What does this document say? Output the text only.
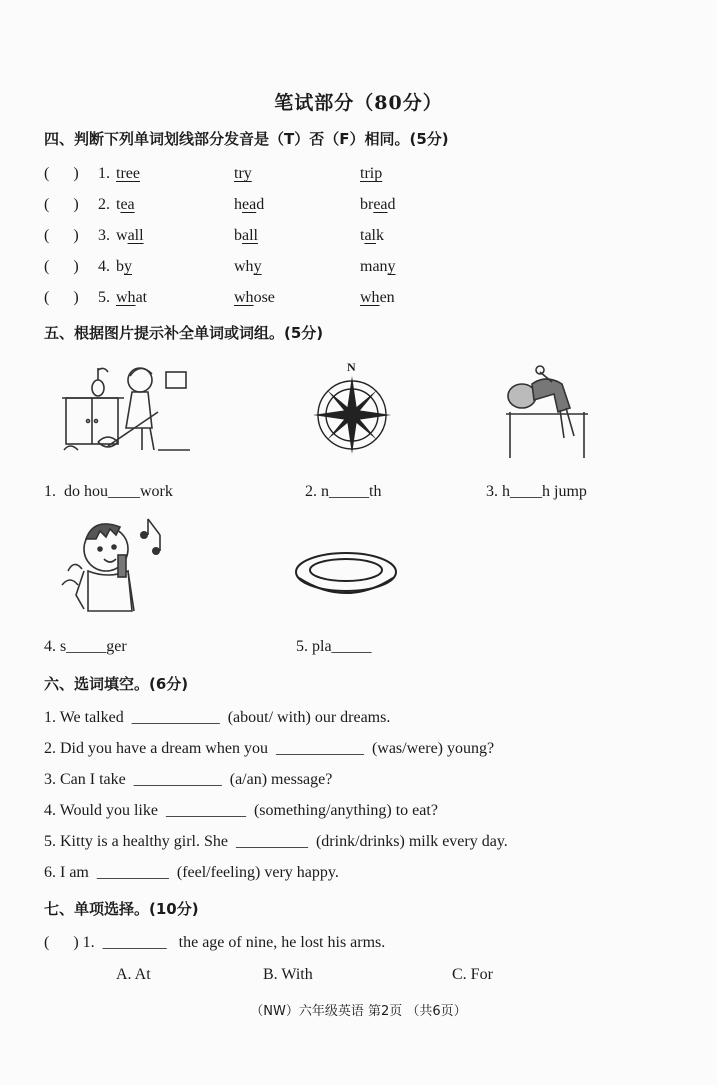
笔试部分（80分）
四、判断下列单词划线部分发音是（T）否（F）相同。(5分)
(      ) 1. tree	try	trip
(      ) 2. tea	head	bread
(      ) 3. wall	ball	talk
(      ) 4. by	why	many
(      ) 5. what	whose	when
五、根据图片提示补全单词或词组。(5分)
N
1.  do hou____work	2. n_____th	3. h____h jump
4. s_____ger	5. pla_____
六、选词填空。(6分)
1. We talked  ___________  (about/ with) our dreams.
2. Did you have a dream when you  ___________  (was/were) young?
3. Can I take  ___________  (a/an) message?
4. Would you like  __________  (something/anything) to eat?
5. Kitty is a healthy girl. She  _________  (drink/drinks) milk every day.
6. I am  _________  (feel/feeling) very happy.
七、单项选择。(10分)
(      ) 1.  ________   the age of nine, he lost his arms.
A. At	B. With	C. For
（NW）六年级英语 第2页 （共6页）
